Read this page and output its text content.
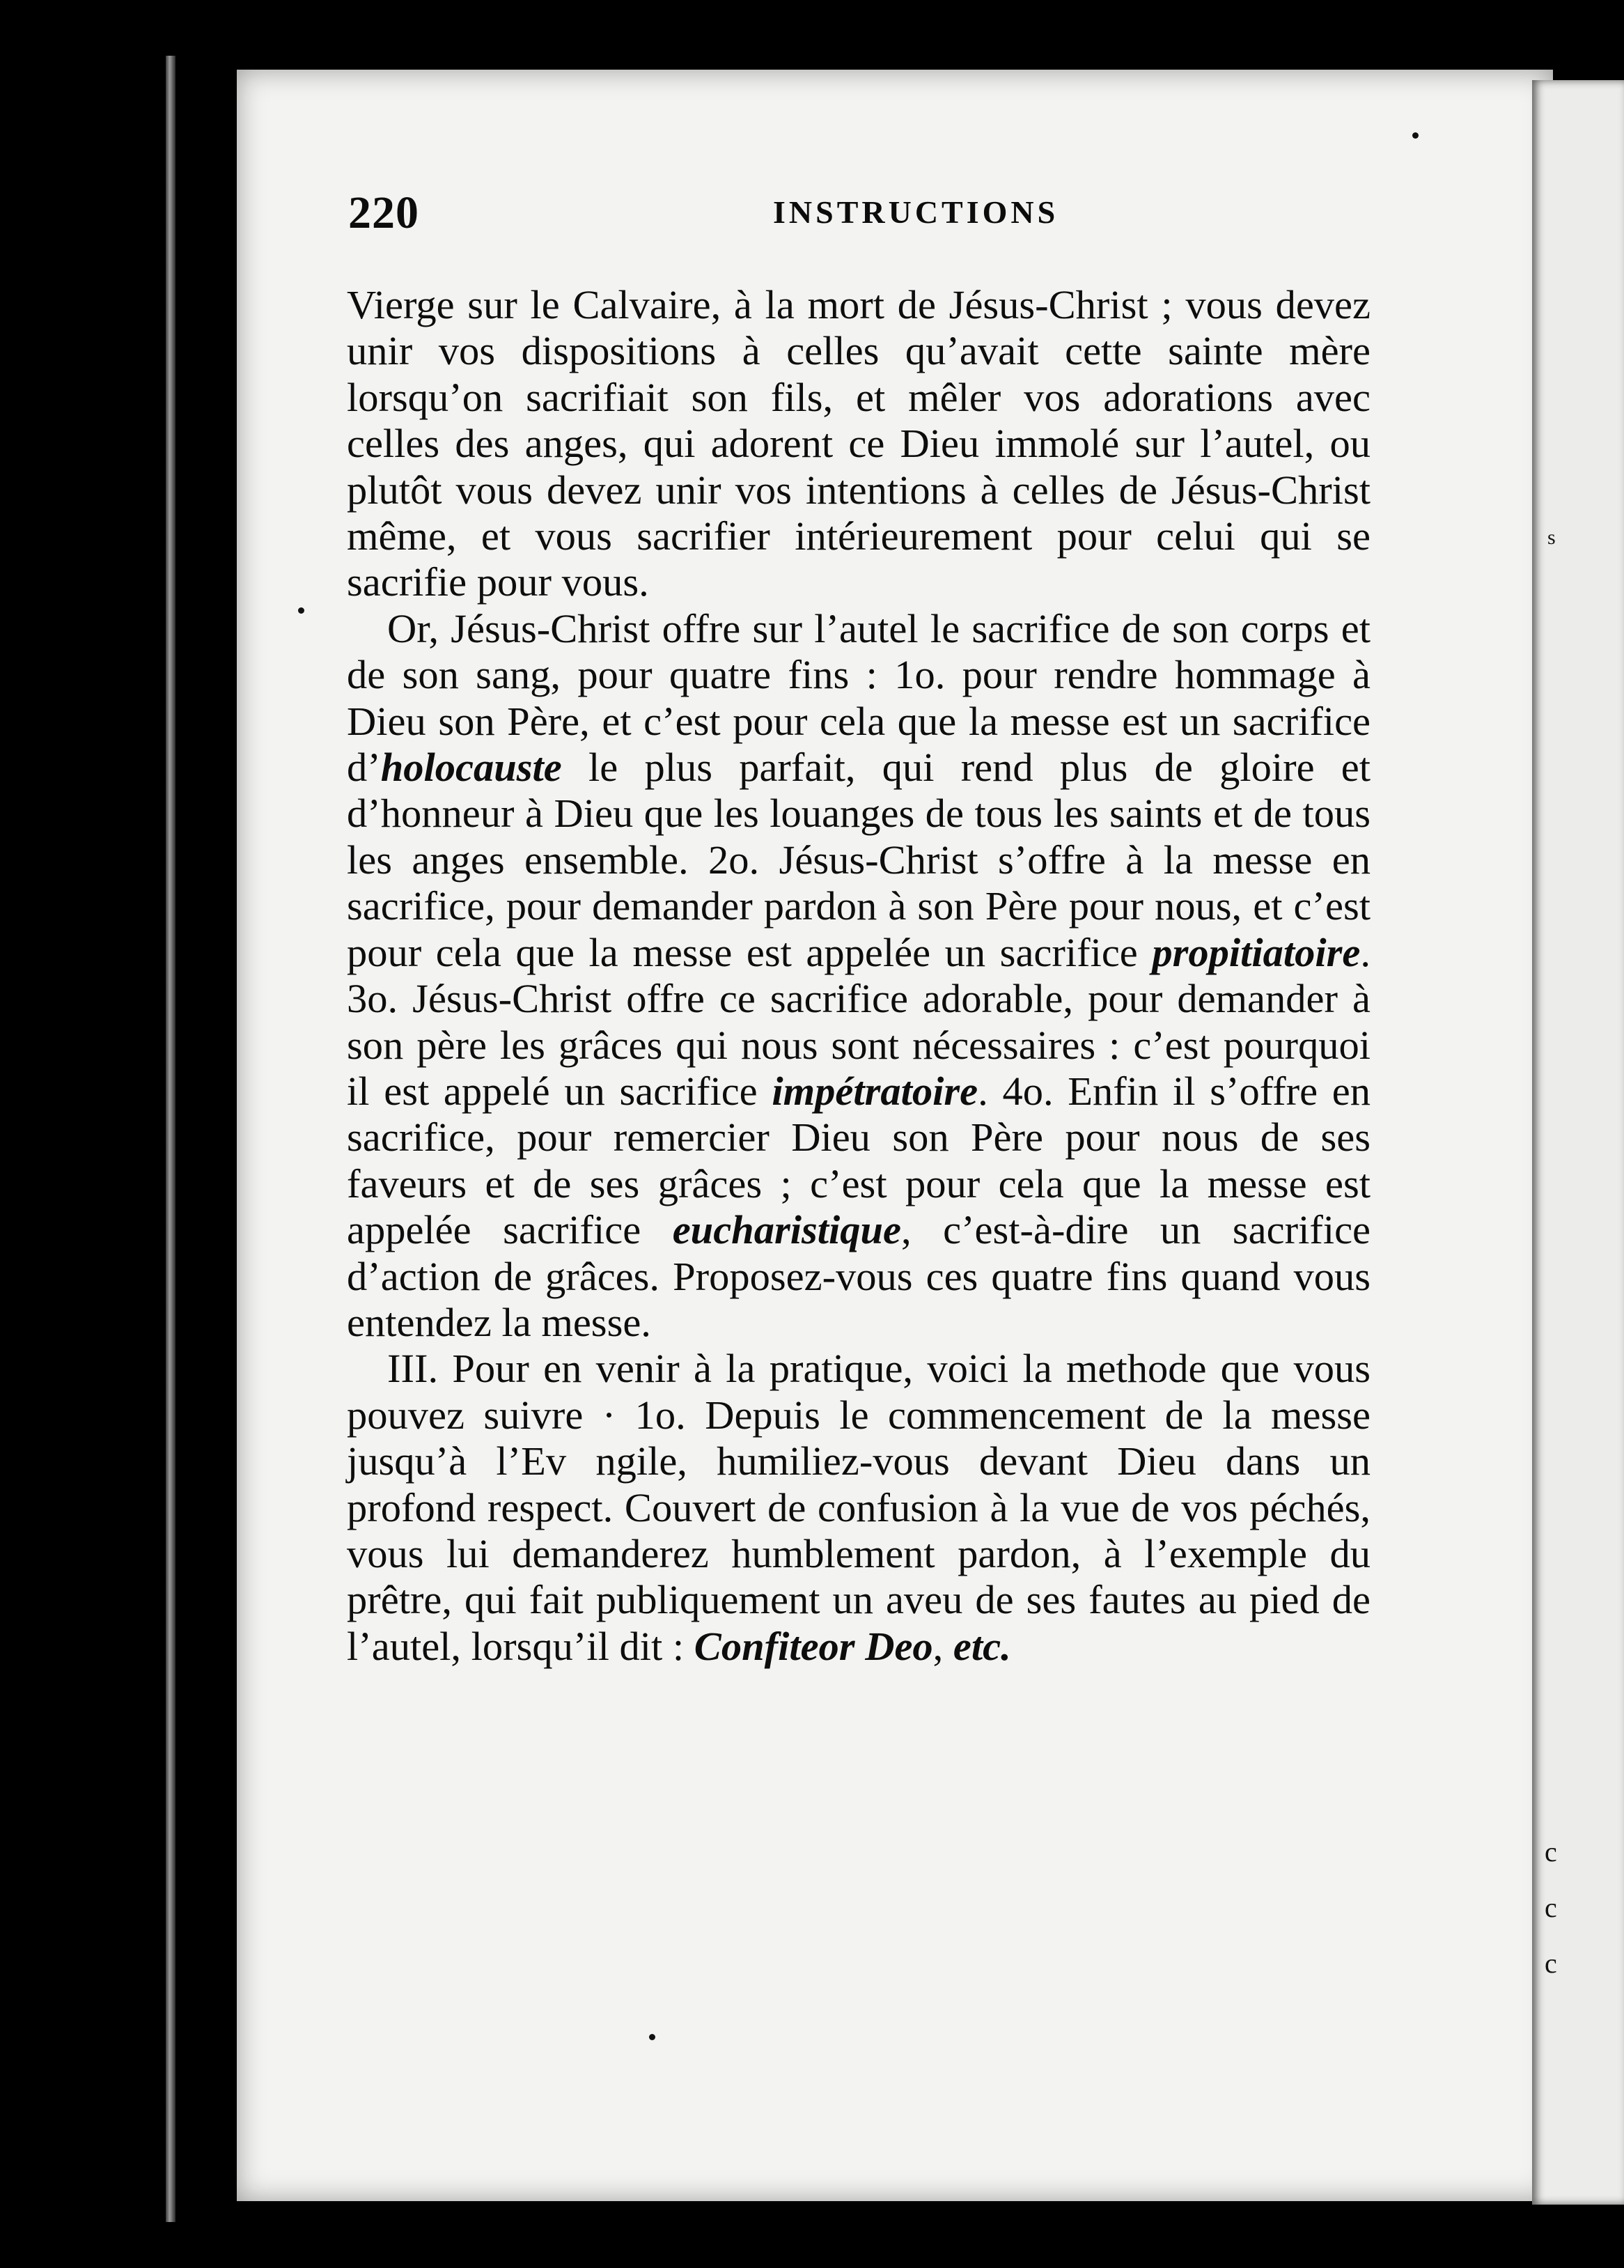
s
c
c
c
220	INSTRUCTIONS

Vierge sur le Calvaire, à la mort de Jésus-Christ ; vous devez unir vos dispositions à celles qu’avait cette sainte mère lorsqu’on sacrifiait son fils, et mêler vos adorations avec celles des anges, qui adorent ce Dieu immolé sur l’autel, ou plutôt vous devez unir vos intentions à celles de Jésus-Christ même, et vous sacrifier intérieurement pour celui qui se sacrifie pour vous.

Or, Jésus-Christ offre sur l’autel le sacrifice de son corps et de son sang, pour quatre fins : 1o. pour rendre hommage à Dieu son Père, et c’est pour cela que la messe est un sacrifice d’holocauste le plus parfait, qui rend plus de gloire et d’honneur à Dieu que les louanges de tous les saints et de tous les anges ensemble. 2o. Jésus-Christ s’offre à la messe en sacrifice, pour demander pardon à son Père pour nous, et c’est pour cela que la messe est appelée un sacrifice propitiatoire. 3o. Jésus-Christ offre ce sacrifice adorable, pour demander à son père les grâces qui nous sont nécessaires : c’est pourquoi il est appelé un sacrifice impétratoire. 4o. Enfin il s’offre en sacrifice, pour remercier Dieu son Père pour nous de ses faveurs et de ses grâces ; c’est pour cela que la messe est appelée sacrifice eucharistique, c’est-à-dire un sacrifice d’action de grâces. Proposez-vous ces quatre fins quand vous entendez la messe.

III. Pour en venir à la pratique, voici la methode que vous pouvez suivre · 1o. Depuis le commencement de la messe jusqu’à l’Ev ngile, humiliez-vous devant Dieu dans un profond respect. Couvert de confusion à la vue de vos péchés, vous lui demanderez humblement pardon, à l’exemple du prêtre, qui fait publiquement un aveu de ses fautes au pied de l’autel, lorsqu’il dit : Confiteor Deo, etc.
